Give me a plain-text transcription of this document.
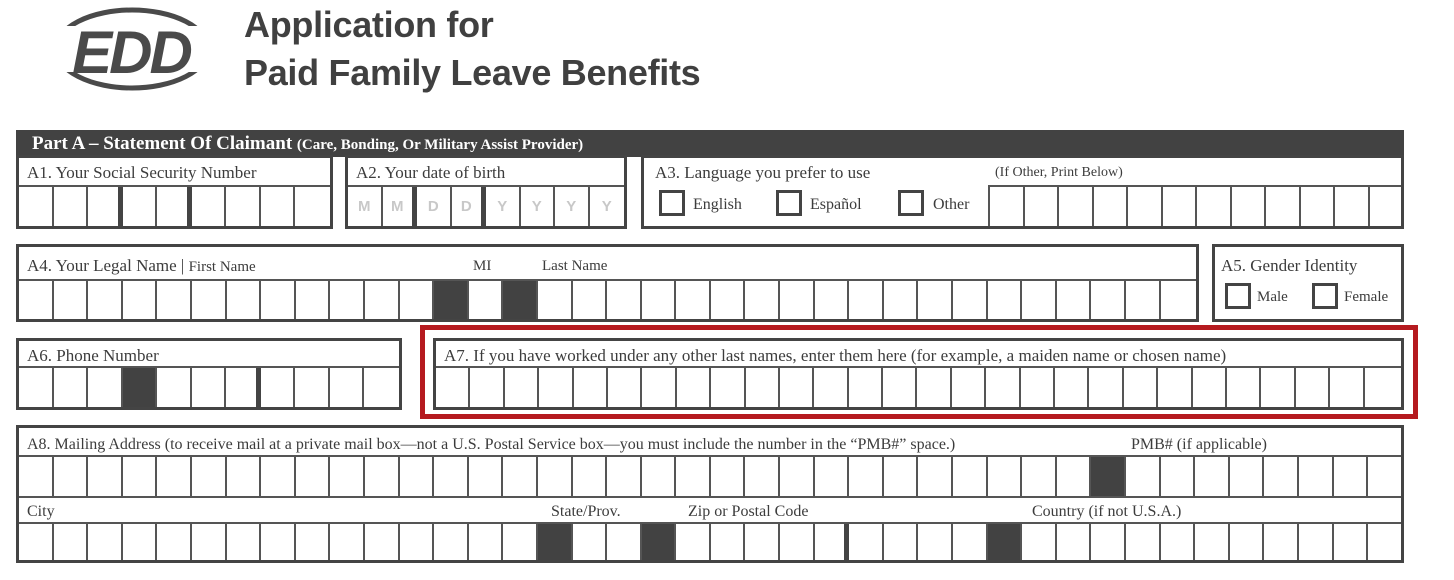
EDD Application for
Paid Family Leave Benefits
Part A – Statement Of Claimant (Care, Bonding, Or Military Assist Provider)
A1. Your Social Security Number	A2. Your date of birth
M M D D Y Y Y Y
A3. Language you prefer to use	(If Other, Print Below)
English	Español	Other
A4. Your Legal Name | First Name	MI	Last Name	A5. Gender Identity
Male	Female
A6. Phone Number	A7. If you have worked under any other last names, enter them here (for example, a maiden name or chosen name)
A8. Mailing Address (to receive mail at a private mail box—not a U.S. Postal Service box—you must include the number in the “PMB#” space.)	PMB# (if applicable)
City	State/Prov.	Zip or Postal Code	Country (if not U.S.A.)
